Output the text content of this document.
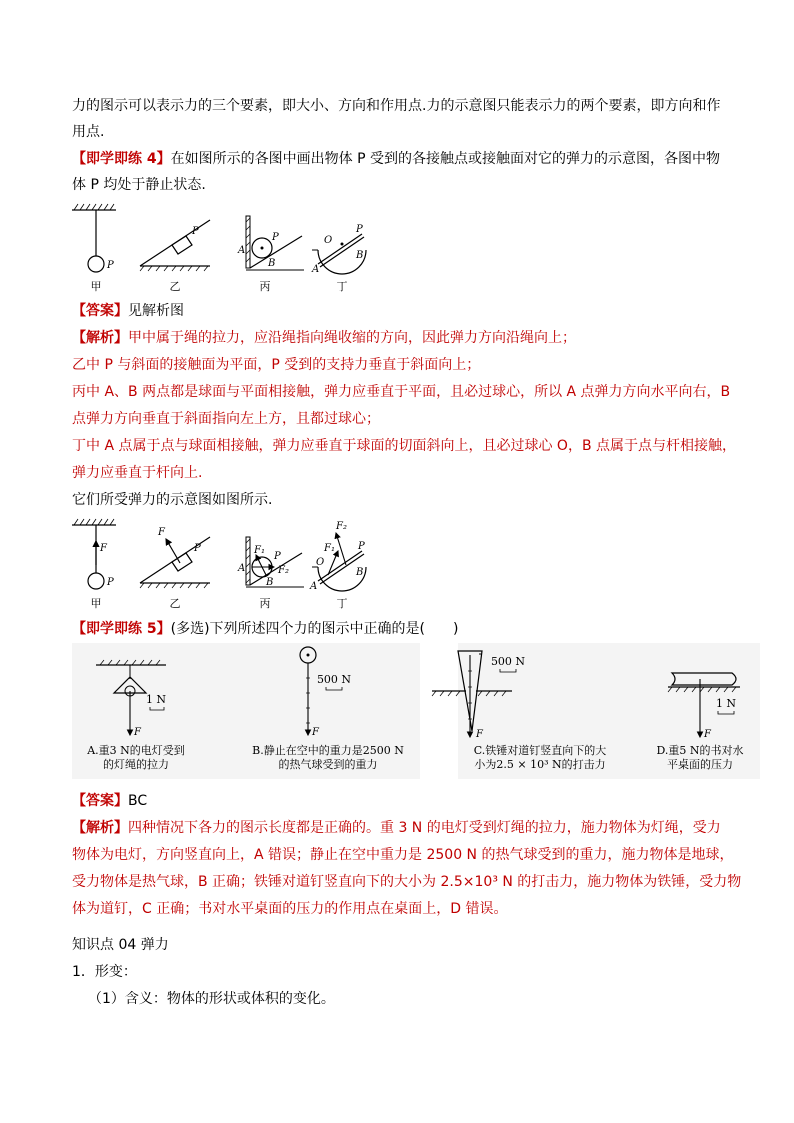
力的图示可以表示力的三个要素，即大小、方向和作用点.力的示意图只能表示力的两个要素，即方向和作
用点.
【即学即练 4】在如图所示的各图中画出物体 P 受到的各接触点或接触面对它的弹力的示意图，各图中物
体 P 均处于静止状态.
P
甲
P
乙
A
B
P
丙
O
P
A
B
丁
【答案】见解析图
【解析】甲中属于绳的拉力，应沿绳指向绳收缩的方向，因此弹力方向沿绳向上；
乙中 P 与斜面的接触面为平面，P 受到的支持力垂直于斜面向上；
丙中 A、B 两点都是球面与平面相接触，弹力应垂直于平面，且必过球心，所以 A 点弹力方向水平向右，B
点弹力方向垂直于斜面指向左上方，且都过球心；
丁中 A 点属于点与球面相接触，弹力应垂直于球面的切面斜向上，且必过球心 O，B 点属于点与杆相接触，
弹力应垂直于杆向上.
它们所受弹力的示意图如图所示.
F
P
甲
F
P
乙
F₁
F₂
A
B
P
丙
F₂
F₁
O
P
A
B
丁
【即学即练 5】(多选)下列所述四个力的图示中正确的是(　　)
F
1 N
F
500 N
F
500 N
F
1 N
A.重3 N的电灯受到
的灯绳的拉力
B.静止在空中的重力是2500 N
的热气球受到的重力
C.铁锤对道钉竖直向下的大
小为2.5 × 10³ N的打击力
D.重5 N的书对水
平桌面的压力
【答案】BC
【解析】四种情况下各力的图示长度都是正确的。重 3 N 的电灯受到灯绳的拉力，施力物体为灯绳，受力
物体为电灯，方向竖直向上，A 错误；静止在空中重力是 2500 N 的热气球受到的重力，施力物体是地球，
受力物体是热气球，B 正确；铁锤对道钉竖直向下的大小为 2.5×10³ N 的打击力，施力物体为铁锤，受力物
体为道钉，C 正确；书对水平桌面的压力的作用点在桌面上，D 错误。
知识点 04 弹力
1．形变：
（1）含义：物体的形状或体积的变化。
